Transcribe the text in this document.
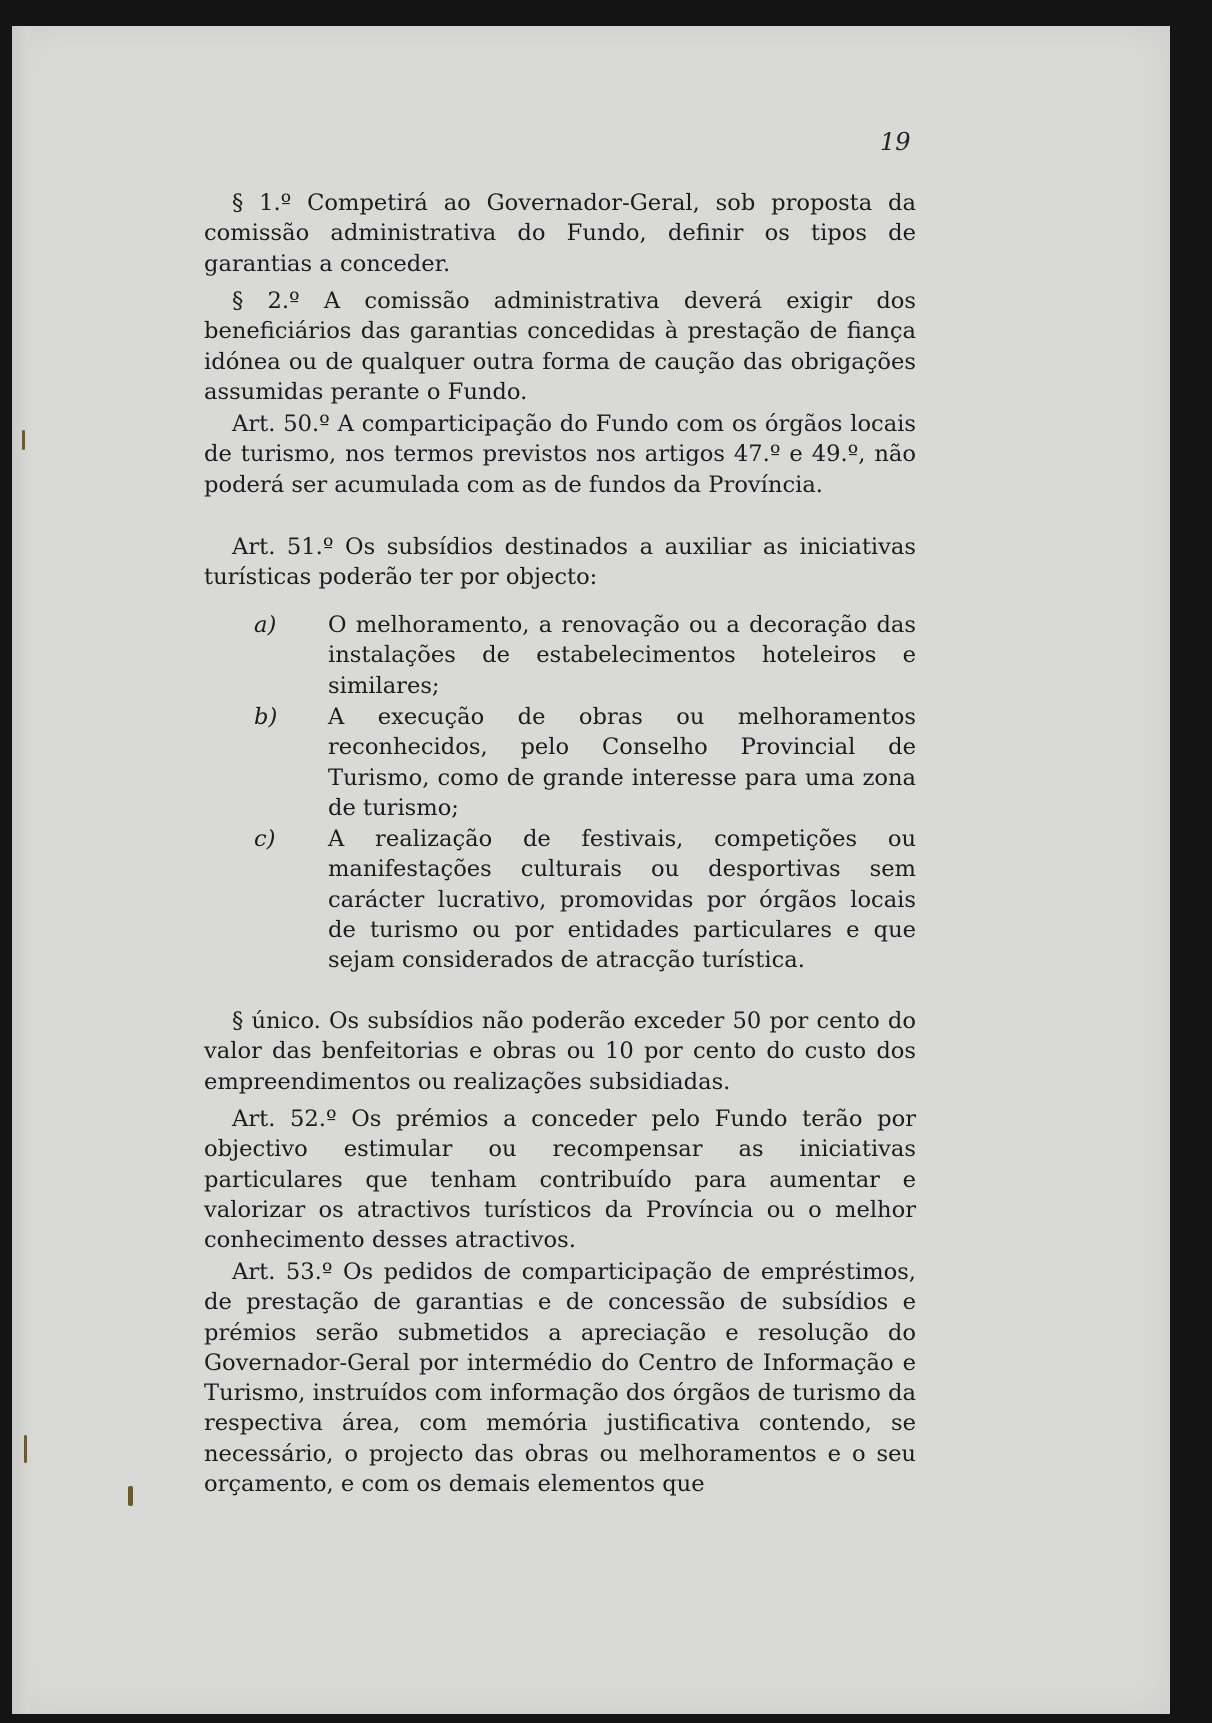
19

§ 1.º Competirá ao Governador-Geral, sob proposta da comissão administrativa do Fundo, definir os tipos de garantias a conceder.

§ 2.º A comissão administrativa deverá exigir dos beneficiários das garantias concedidas à prestação de fiança idónea ou de qualquer outra forma de caução das obrigações assumidas perante o Fundo.

Art. 50.º A comparticipação do Fundo com os órgãos locais de turismo, nos termos previstos nos artigos 47.º e 49.º, não poderá ser acumulada com as de fundos da Província.

Art. 51.º Os subsídios destinados a auxiliar as iniciativas turísticas poderão ter por objecto:

a) O melhoramento, a renovação ou a decoração das instalações de estabelecimentos hoteleiros e similares;
b) A execução de obras ou melhoramentos reconhecidos, pelo Conselho Provincial de Turismo, como de grande interesse para uma zona de turismo;
c) A realização de festivais, competições ou manifestações culturais ou desportivas sem carácter lucrativo, promovidas por órgãos locais de turismo ou por entidades particulares e que sejam considerados de atracção turística.

§ único. Os subsídios não poderão exceder 50 por cento do valor das benfeitorias e obras ou 10 por cento do custo dos empreendimentos ou realizações subsidiadas.

Art. 52.º Os prémios a conceder pelo Fundo terão por objectivo estimular ou recompensar as iniciativas particulares que tenham contribuído para aumentar e valorizar os atractivos turísticos da Província ou o melhor conhecimento desses atractivos.

Art. 53.º Os pedidos de comparticipação de empréstimos, de prestação de garantias e de concessão de subsídios e prémios serão submetidos a apreciação e resolução do Governador-Geral por intermédio do Centro de Informação e Turismo, instruídos com informação dos órgãos de turismo da respectiva área, com memória justificativa contendo, se necessário, o projecto das obras ou melhoramentos e o seu orçamento, e com os demais elementos que
